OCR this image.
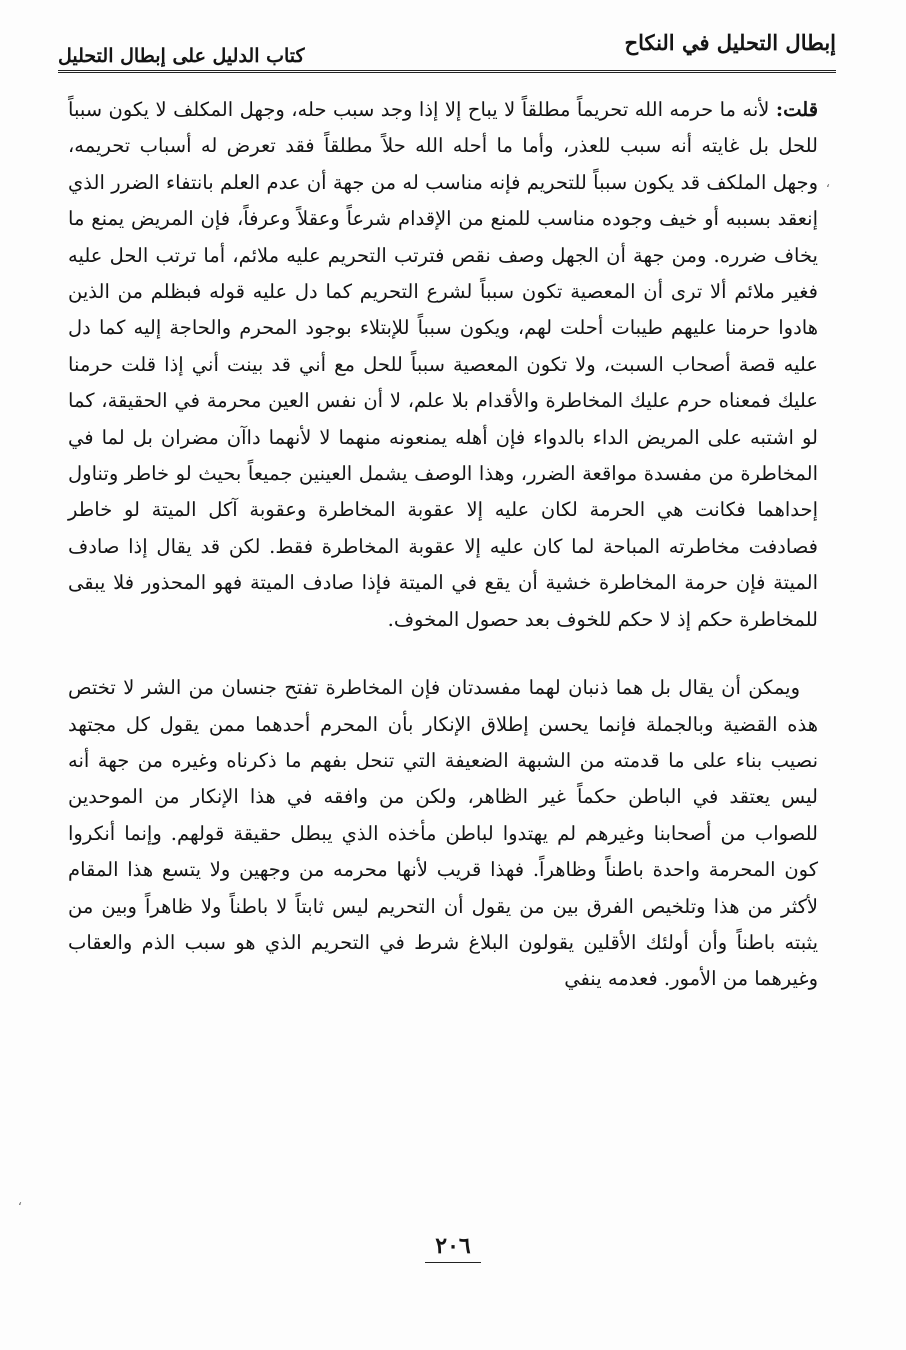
إبطال التحليل في النكاح
كتاب الدليل على إبطال التحليل

قلت: لأنه ما حرمه الله تحريماً مطلقاً لا يباح إلا إذا وجد سبب حله، وجهل المكلف لا يكون سبباً للحل بل غايته أنه سبب للعذر، وأما ما أحله الله حلاً مطلقاً فقد تعرض له أسباب تحريمه، وجهل الملكف قد يكون سبباً للتحريم فإنه مناسب له من جهة أن عدم العلم بانتفاء الضرر الذي إنعقد بسببه أو خيف وجوده مناسب للمنع من الإقدام شرعاً وعقلاً وعرفاً، فإن المريض يمنع ما يخاف ضرره. ومن جهة أن الجهل وصف نقص فترتب التحريم عليه ملائم، أما ترتب الحل عليه فغير ملائم ألا ترى أن المعصية تكون سبباً لشرع التحريم كما دل عليه قوله فبظلم من الذين هادوا حرمنا عليهم طيبات أحلت لهم، ويكون سبباً للإبتلاء بوجود المحرم والحاجة إليه كما دل عليه قصة أصحاب السبت، ولا تكون المعصية سبباً للحل مع أني قد بينت أني إذا قلت حرمنا عليك فمعناه حرم عليك المخاطرة والأقدام بلا علم، لا أن نفس العين محرمة في الحقيقة، كما لو اشتبه على المريض الداء بالدواء فإن أهله يمنعونه منهما لا لأنهما داآن مضران بل لما في المخاطرة من مفسدة مواقعة الضرر، وهذا الوصف يشمل العينين جميعاً بحيث لو خاطر وتناول إحداهما فكانت هي الحرمة لكان عليه إلا عقوبة المخاطرة وعقوبة آكل الميتة لو خاطر فصادفت مخاطرته المباحة لما كان عليه إلا عقوبة المخاطرة فقط. لكن قد يقال إذا صادف الميتة فإن حرمة المخاطرة خشية أن يقع في الميتة فإذا صادف الميتة فهو المحذور فلا يبقى للمخاطرة حكم إذ لا حكم للخوف بعد حصول المخوف.

ويمكن أن يقال بل هما ذنبان لهما مفسدتان فإن المخاطرة تفتح جنسان من الشر لا تختص هذه القضية وبالجملة فإنما يحسن إطلاق الإنكار بأن المحرم أحدهما ممن يقول كل مجتهد نصيب بناء على ما قدمته من الشبهة الضعيفة التي تنحل بفهم ما ذكرناه وغيره من جهة أنه ليس يعتقد في الباطن حكماً غير الظاهر، ولكن من وافقه في هذا الإنكار من الموحدين للصواب من أصحابنا وغيرهم لم يهتدوا لباطن مأخذه الذي يبطل حقيقة قولهم. وإنما أنكروا كون المحرمة واحدة باطناً وظاهراً. فهذا قريب لأنها محرمه من وجهين ولا يتسع هذا المقام لأكثر من هذا وتلخيص الفرق بين من يقول أن التحريم ليس ثابتاً لا باطناً ولا ظاهراً وبين من يثبته باطناً وأن أولئك الأقلين يقولون البلاغ شرط في التحريم الذي هو سبب الذم والعقاب وغيرهما من الأمور. فعدمه ينفي

٢٠٦
ʻ
ʻ
